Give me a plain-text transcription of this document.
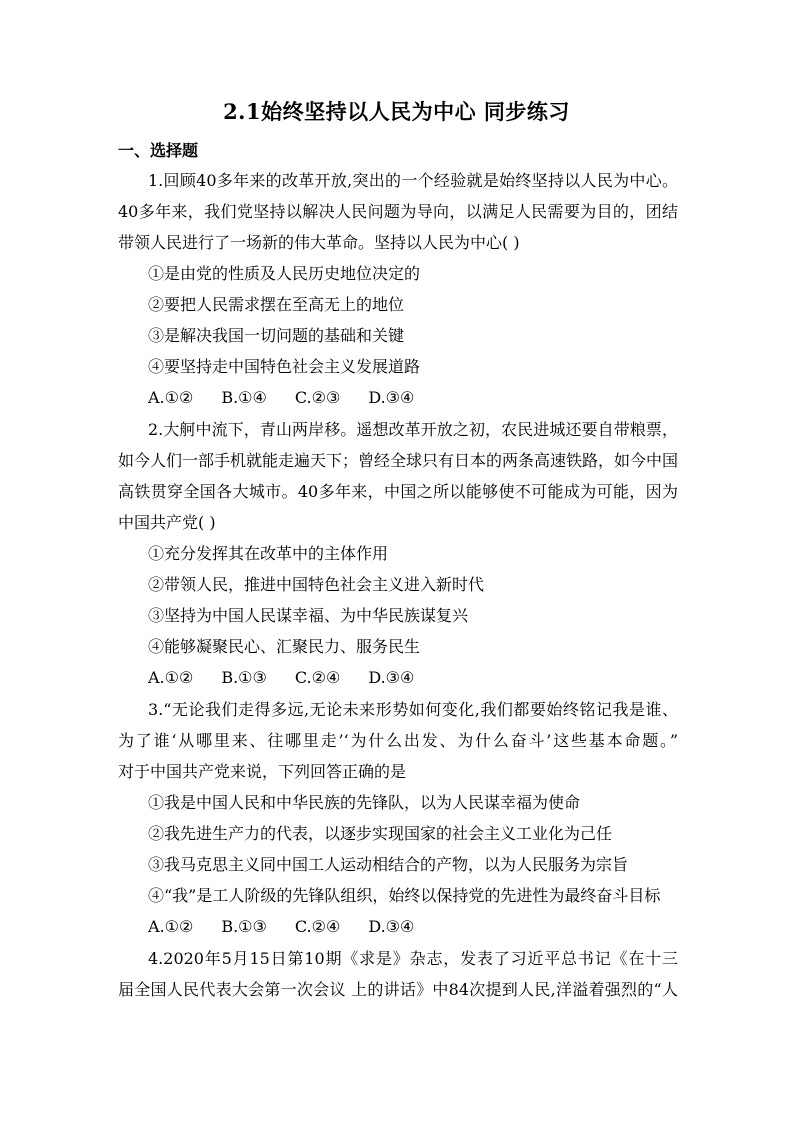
2.1始终坚持以人民为中心 同步练习
一、选择题
1.回顾40多年来的改革开放,突出的一个经验就是始终坚持以人民为中心。
40多年来，我们党坚持以解决人民问题为导向，以满足人民需要为目的，团结
带领人民进行了一场新的伟大革命。坚持以人民为中心( )
①是由党的性质及人民历史地位决定的
②要把人民需求摆在至高无上的地位
③是解决我国一切问题的基础和关键
④要坚持走中国特色社会主义发展道路
A.①② B.①④ C.②③ D.③④
2.大舸中流下，青山两岸移。遥想改革开放之初，农民进城还要自带粮票，
如今人们一部手机就能走遍天下；曾经全球只有日本的两条高速铁路，如今中国
高铁贯穿全国各大城市。40多年来，中国之所以能够使不可能成为可能，因为
中国共产党( )
①充分发挥其在改革中的主体作用
②带领人民，推进中国特色社会主义进入新时代
③坚持为中国人民谋幸福、为中华民族谋复兴
④能够凝聚民心、汇聚民力、服务民生
A.①② B.①③ C.②④ D.③④
3.“无论我们走得多远,无论未来形势如何变化,我们都要始终铭记我是谁、
为了谁‘从哪里来、往哪里走’‘为什么出发、为什么奋斗’这些基本命题。”
对于中国共产党来说，下列回答正确的是
①我是中国人民和中华民族的先锋队，以为人民谋幸福为使命
②我先进生产力的代表，以逐步实现国家的社会主义工业化为己任
③我马克思主义同中国工人运动相结合的产物，以为人民服务为宗旨
④“我”是工人阶级的先锋队组织，始终以保持党的先进性为最终奋斗目标
A.①② B.①③ C.②④ D.③④
4.2020年5月15日第10期《求是》杂志，发表了习近平总书记《在十三
届全国人民代表大会第一次会议 上的讲话》中84次提到人民,洋溢着强烈的“人
